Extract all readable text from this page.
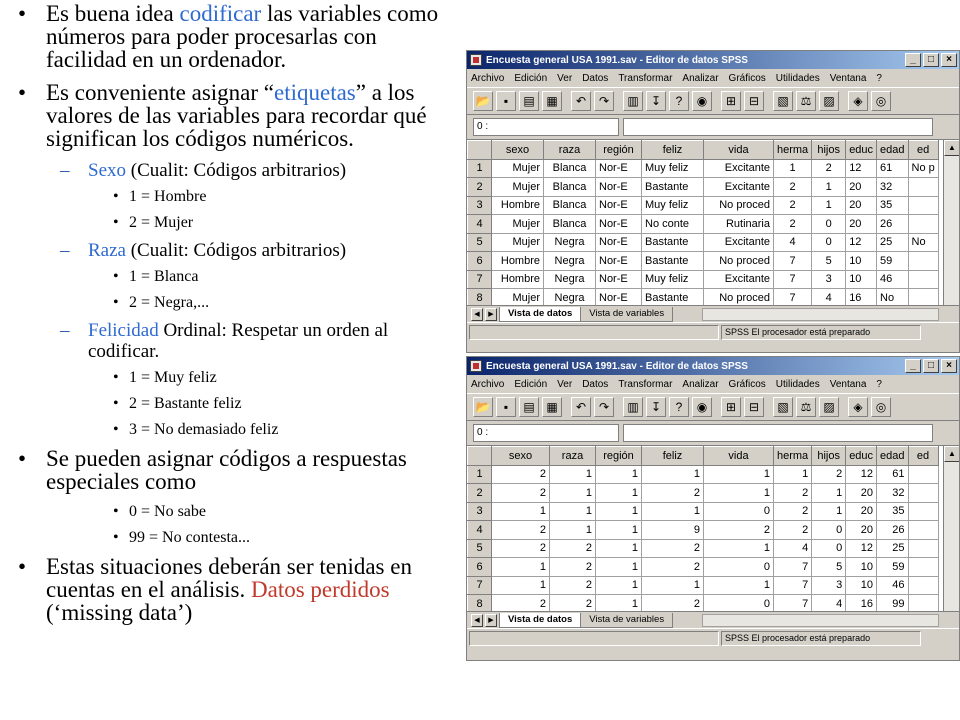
• Es buena idea codificar las variables como números para poder procesarlas con facilidad en un ordenador.
• Es conveniente asignar “etiquetas” a los valores de las variables para recordar qué significan los códigos numéricos.
– Sexo (Cualit: Códigos arbitrarios)
• 1 = Hombre
• 2 = Mujer
– Raza (Cualit: Códigos arbitrarios)
• 1 = Blanca
• 2 = Negra,...
– Felicidad Ordinal: Respetar un orden al codificar.
• 1 = Muy feliz
• 2 = Bastante feliz
• 3 = No demasiado feliz
• Se pueden asignar códigos a respuestas especiales como
• 0 = No sabe
• 99 = No contesta...
• Estas situaciones deberán ser tenidas en cuentas en el análisis. Datos perdidos (‘missing data’)
Encuesta general USA 1991.sav - Editor de datos SPSS	_	□	×
Archivo Edición Ver Datos Transformar Analizar Gráficos Utilidades Ventana ?
📂	▪	▤ ▦	↶	↷	▥	↧	?	◉	⊞	⊟	▧ ⚖ ▨	◈	◎
0 :
	sexo	raza	región	feliz	vida	herma	hijos	educ	edad	ed
1	Mujer	Blanca	Nor-E	Muy feliz	Excitante	1	2	12	61	No p
2	Mujer	Blanca	Nor-E	Bastante	Excitante	2	1	20	32	
3	Hombre	Blanca	Nor-E	Muy feliz	No proced	2	1	20	35	
4	Mujer	Blanca	Nor-E	No conte	Rutinaria	2	0	20	26	
5	Mujer	Negra	Nor-E	Bastante	Excitante	4	0	12	25	No
6	Hombre	Negra	Nor-E	Bastante	No proced	7	5	10	59	
7	Hombre	Negra	Nor-E	Muy feliz	Excitante	7	3	10	46	
8	Mujer	Negra	Nor-E	Bastante	No proced	7	4	16	No	
▲
◀	▶	Vista de datos	Vista de variables
SPSS El procesador está preparado
Encuesta general USA 1991.sav - Editor de datos SPSS	_	□	×
Archivo Edición Ver Datos Transformar Analizar Gráficos Utilidades Ventana ?
📂	▪	▤ ▦	↶	↷	▥	↧	?	◉	⊞	⊟	▧ ⚖ ▨	◈	◎
0 :
	sexo	raza	región	feliz	vida	herma	hijos	educ	edad	ed
1	2	1	1	1	1	1	2	12	61	
2	2	1	1	2	1	2	1	20	32	
3	1	1	1	1	0	2	1	20	35	
4	2	1	1	9	2	2	0	20	26	
5	2	2	1	2	1	4	0	12	25	
6	1	2	1	2	0	7	5	10	59	
7	1	2	1	1	1	7	3	10	46	
8	2	2	1	2	0	7	4	16	99	
▲
◀	▶	Vista de datos	Vista de variables
SPSS El procesador está preparado
